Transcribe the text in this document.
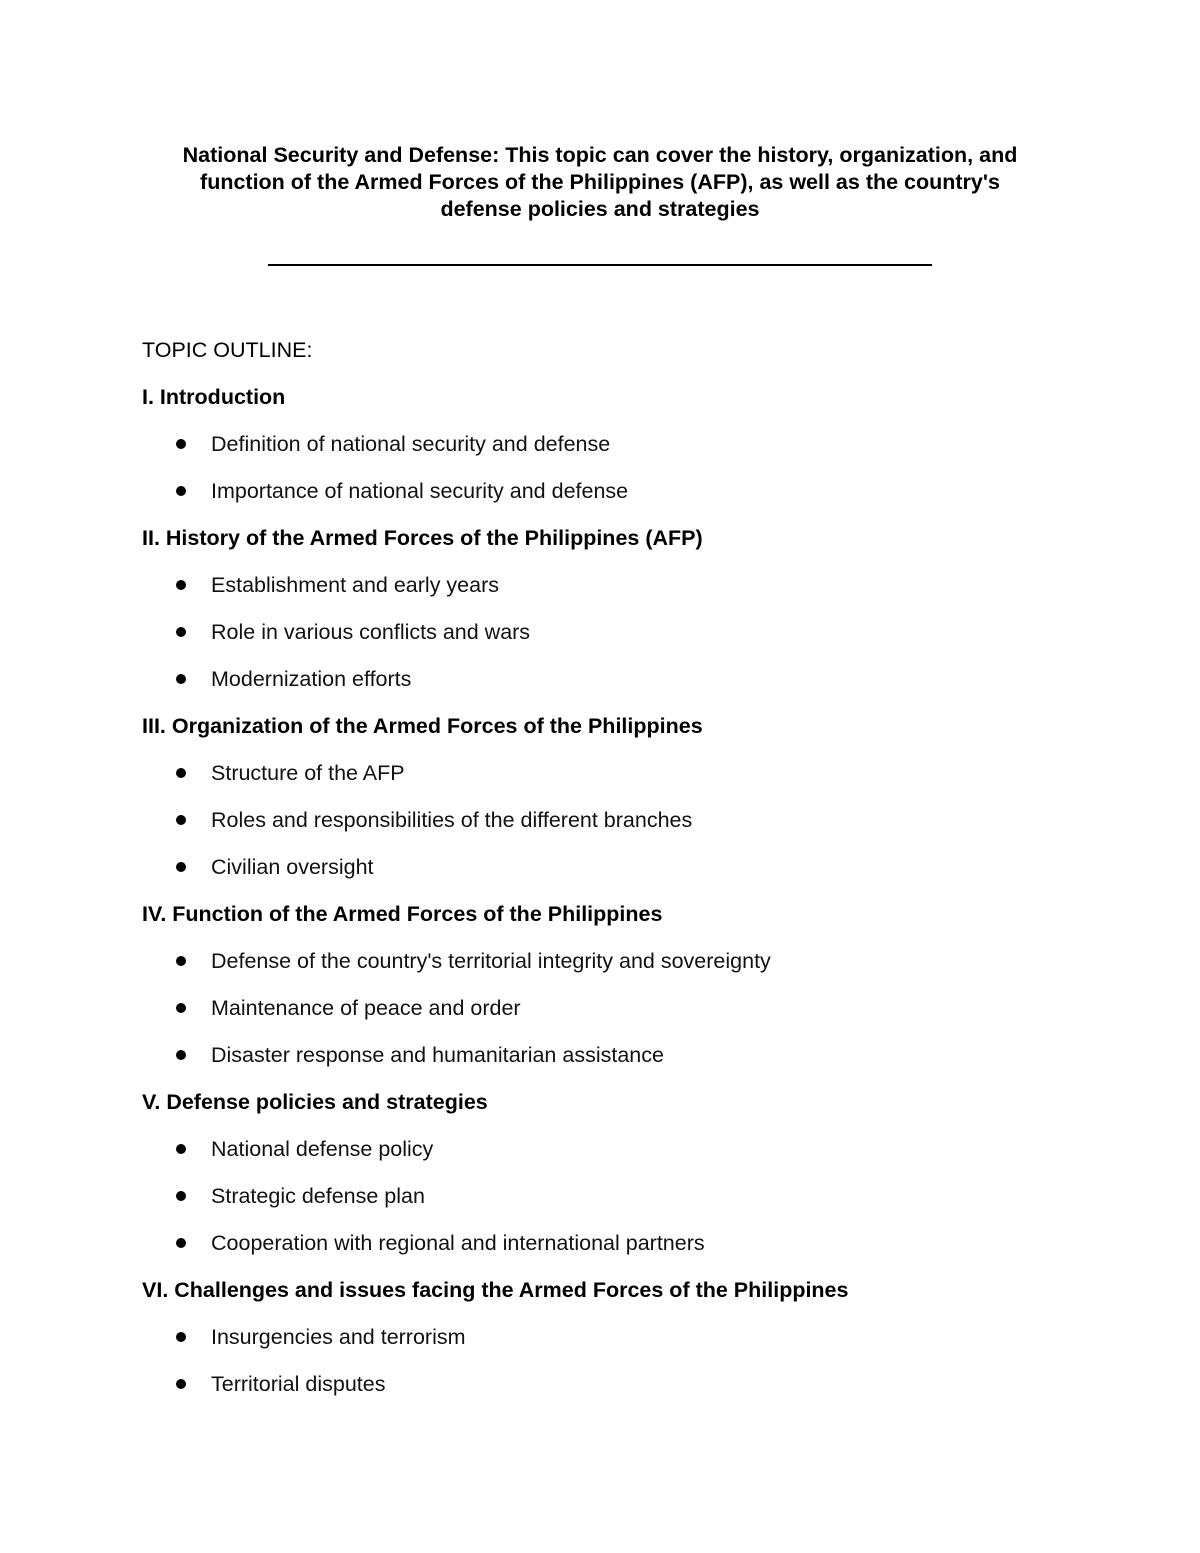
National Security and Defense: This topic can cover the history, organization, and
function of the Armed Forces of the Philippines (AFP), as well as the country's
defense policies and strategies
TOPIC OUTLINE:
I. Introduction
Definition of national security and defense
Importance of national security and defense
II. History of the Armed Forces of the Philippines (AFP)
Establishment and early years
Role in various conflicts and wars
Modernization efforts
III. Organization of the Armed Forces of the Philippines
Structure of the AFP
Roles and responsibilities of the different branches
Civilian oversight
IV. Function of the Armed Forces of the Philippines
Defense of the country's territorial integrity and sovereignty
Maintenance of peace and order
Disaster response and humanitarian assistance
V. Defense policies and strategies
National defense policy
Strategic defense plan
Cooperation with regional and international partners
VI. Challenges and issues facing the Armed Forces of the Philippines
Insurgencies and terrorism
Territorial disputes
